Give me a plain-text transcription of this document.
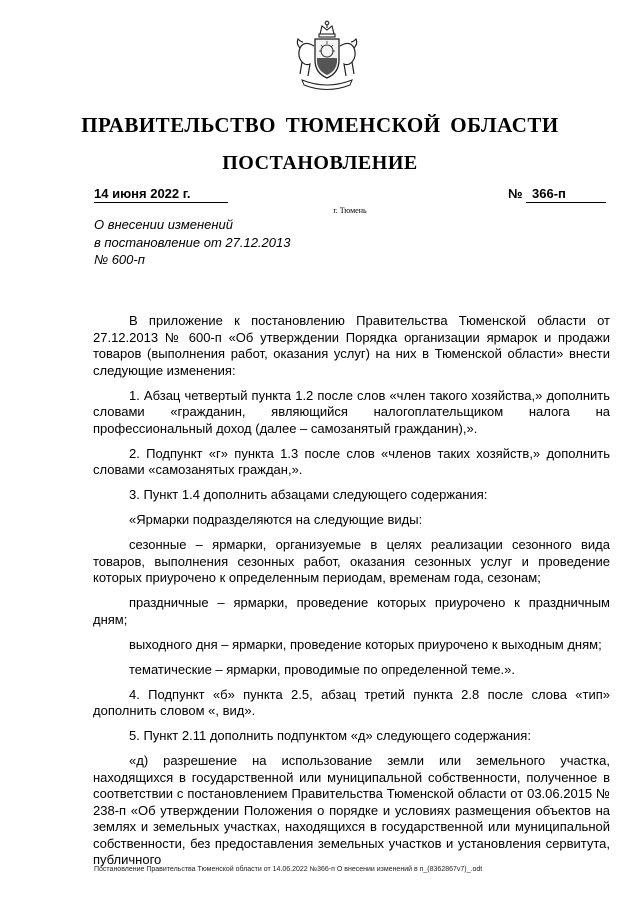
ПРАВИТЕЛЬСТВО ТЮМЕНСКОЙ ОБЛАСТИ
ПОСТАНОВЛЕНИЕ
14 июня 2022 г.	№ 366-п
г. Тюмень
О внесении изменений
в постановление от 27.12.2013
№ 600-п

В приложение к постановлению Правительства Тюменской области от 27.12.2013 № 600-п «Об утверждении Порядка организации ярмарок и продажи товаров (выполнения работ, оказания услуг) на них в Тюменской области» внести следующие изменения:

1. Абзац четвертый пункта 1.2 после слов «член такого хозяйства,» дополнить словами «гражданин, являющийся налогоплательщиком налога на профессиональный доход (далее – самозанятый гражданин),».

2. Подпункт «г» пункта 1.3 после слов «членов таких хозяйств,» дополнить словами «самозанятых граждан,».

3. Пункт 1.4 дополнить абзацами следующего содержания:

«Ярмарки подразделяются на следующие виды:

сезонные – ярмарки, организуемые в целях реализации сезонного вида товаров, выполнения сезонных работ, оказания сезонных услуг и проведение которых приурочено к определенным периодам, временам года, сезонам;

праздничные – ярмарки, проведение которых приурочено к праздничным дням;

выходного дня – ярмарки, проведение которых приурочено к выходным дням;

тематические – ярмарки, проводимые по определенной теме.».

4. Подпункт «б» пункта 2.5, абзац третий пункта 2.8 после слова «тип» дополнить словом «, вид».

5. Пункт 2.11 дополнить подпунктом «д» следующего содержания:

«д) разрешение на использование земли или земельного участка, находящихся в государственной или муниципальной собственности, полученное в соответствии с постановлением Правительства Тюменской области от 03.06.2015 № 238-п «Об утверждении Положения о порядке и условиях размещения объектов на землях и земельных участках, находящихся в государственной или муниципальной собственности, без предоставления земельных участков и установления сервитута, публичного

Постановление Правительства Тюменской области от 14.06.2022 №366-п О внесении изменений в п_(8362867v7)_.odt
